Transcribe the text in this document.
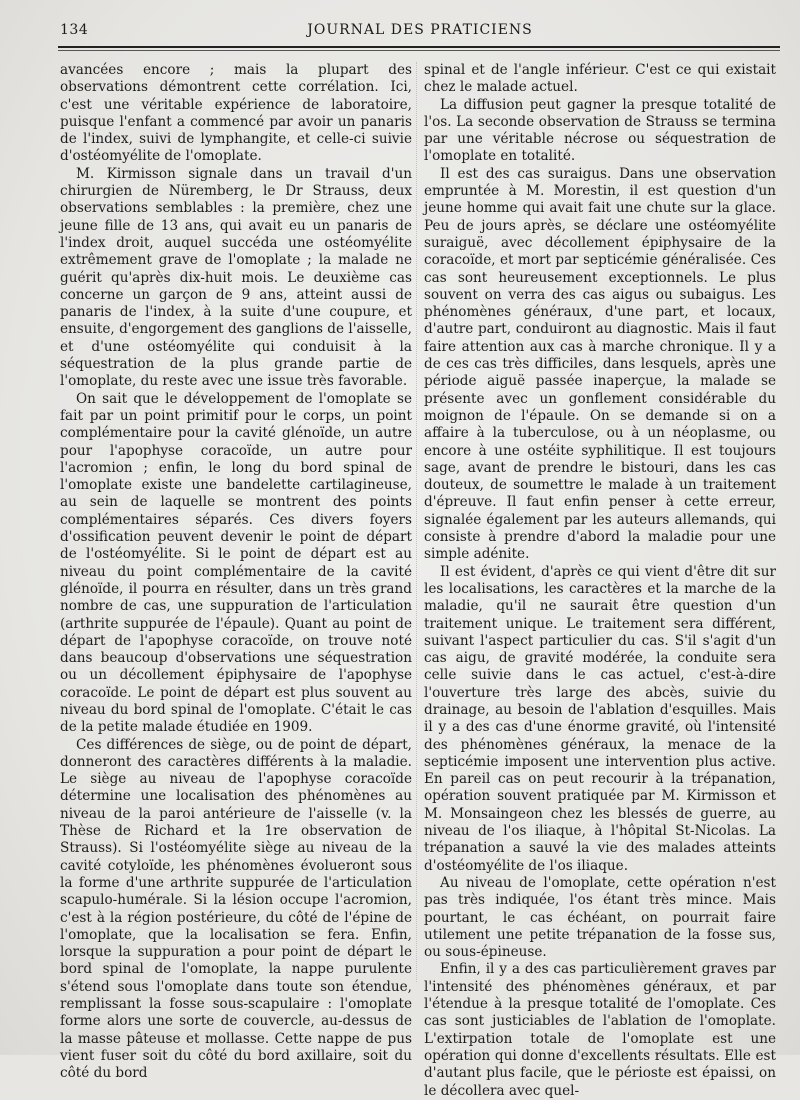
134	JOURNAL DES PRATICIENS

avancées encore ; mais la plupart des observations démontrent cette corrélation. Ici, c'est une véritable expérience de laboratoire, puisque l'enfant a commencé par avoir un panaris de l'index, suivi de lymphangite, et celle-ci suivie d'ostéomyélite de l'omoplate.

M. Kirmisson signale dans un travail d'un chirurgien de Nüremberg, le Dr Strauss, deux observations semblables : la première, chez une jeune fille de 13 ans, qui avait eu un panaris de l'index droit, auquel succéda une ostéomyélite extrêmement grave de l'omoplate ; la malade ne guérit qu'après dix-huit mois. Le deuxième cas concerne un garçon de 9 ans, atteint aussi de panaris de l'index, à la suite d'une coupure, et ensuite, d'engorgement des ganglions de l'aisselle, et d'une ostéomyélite qui conduisit à la séquestration de la plus grande partie de l'omoplate, du reste avec une issue très favorable.

On sait que le développement de l'omoplate se fait par un point primitif pour le corps, un point complémentaire pour la cavité glénoïde, un autre pour l'apophyse coracoïde, un autre pour l'acromion ; enfin, le long du bord spinal de l'omoplate existe une bandelette cartilagineuse, au sein de laquelle se montrent des points complémentaires séparés. Ces divers foyers d'ossification peuvent devenir le point de départ de l'ostéomyélite. Si le point de départ est au niveau du point complémentaire de la cavité glénoïde, il pourra en résulter, dans un très grand nombre de cas, une suppuration de l'articulation (arthrite suppurée de l'épaule). Quant au point de départ de l'apophyse coracoïde, on trouve noté dans beaucoup d'observations une séquestration ou un décollement épiphysaire de l'apophyse coracoïde. Le point de départ est plus souvent au niveau du bord spinal de l'omoplate. C'était le cas de la petite malade étudiée en 1909.

Ces différences de siège, ou de point de départ, donneront des caractères différents à la maladie. Le siège au niveau de l'apophyse coracoïde détermine une localisation des phénomènes au niveau de la paroi antérieure de l'aisselle (v. la Thèse de Richard et la 1re observation de Strauss). Si l'ostéomyélite siège au niveau de la cavité cotyloïde, les phénomènes évolueront sous la forme d'une arthrite suppurée de l'articulation scapulo-humérale. Si la lésion occupe l'acromion, c'est à la région postérieure, du côté de l'épine de l'omoplate, que la localisation se fera. Enfin, lorsque la suppuration a pour point de départ le bord spinal de l'omoplate, la nappe purulente s'étend sous l'omoplate dans toute son étendue, remplissant la fosse sous-scapulaire : l'omoplate forme alors une sorte de couvercle, au-dessus de la masse pâteuse et mollasse. Cette nappe de pus vient fuser soit du côté du bord axillaire, soit du côté du bord

spinal et de l'angle inférieur. C'est ce qui existait chez le malade actuel.

La diffusion peut gagner la presque totalité de l'os. La seconde observation de Strauss se termina par une véritable nécrose ou séquestration de l'omoplate en totalité.

Il est des cas suraigus. Dans une observation empruntée à M. Morestin, il est question d'un jeune homme qui avait fait une chute sur la glace. Peu de jours après, se déclare une ostéomyélite suraiguë, avec décollement épiphysaire de la coracoïde, et mort par septicémie généralisée. Ces cas sont heureusement exceptionnels. Le plus souvent on verra des cas aigus ou subaigus. Les phénomènes généraux, d'une part, et locaux, d'autre part, conduiront au diagnostic. Mais il faut faire attention aux cas à marche chronique. Il y a de ces cas très difficiles, dans lesquels, après une période aiguë passée inaperçue, la malade se présente avec un gonflement considérable du moignon de l'épaule. On se demande si on a affaire à la tuberculose, ou à un néoplasme, ou encore à une ostéite syphilitique. Il est toujours sage, avant de prendre le bistouri, dans les cas douteux, de soumettre le malade à un traitement d'épreuve. Il faut enfin penser à cette erreur, signalée également par les auteurs allemands, qui consiste à prendre d'abord la maladie pour une simple adénite.

Il est évident, d'après ce qui vient d'être dit sur les localisations, les caractères et la marche de la maladie, qu'il ne saurait être question d'un traitement unique. Le traitement sera différent, suivant l'aspect particulier du cas. S'il s'agit d'un cas aigu, de gravité modérée, la conduite sera celle suivie dans le cas actuel, c'est-à-dire l'ouverture très large des abcès, suivie du drainage, au besoin de l'ablation d'esquilles. Mais il y a des cas d'une énorme gravité, où l'intensité des phénomènes généraux, la menace de la septicémie imposent une intervention plus active. En pareil cas on peut recourir à la trépanation, opération souvent pratiquée par M. Kirmisson et M. Monsaingeon chez les blessés de guerre, au niveau de l'os iliaque, à l'hôpital St-Nicolas. La trépanation a sauvé la vie des malades atteints d'ostéomyélite de l'os iliaque.

Au niveau de l'omoplate, cette opération n'est pas très indiquée, l'os étant très mince. Mais pourtant, le cas échéant, on pourrait faire utilement une petite trépanation de la fosse sus, ou sous-épineuse.

Enfin, il y a des cas particulièrement graves par l'intensité des phénomènes généraux, et par l'étendue à la presque totalité de l'omoplate. Ces cas sont justiciables de l'ablation de l'omoplate. L'extirpation totale de l'omoplate est une opération qui donne d'excellents résultats. Elle est d'autant plus facile, que le périoste est épaissi, on le décollera avec quel-
